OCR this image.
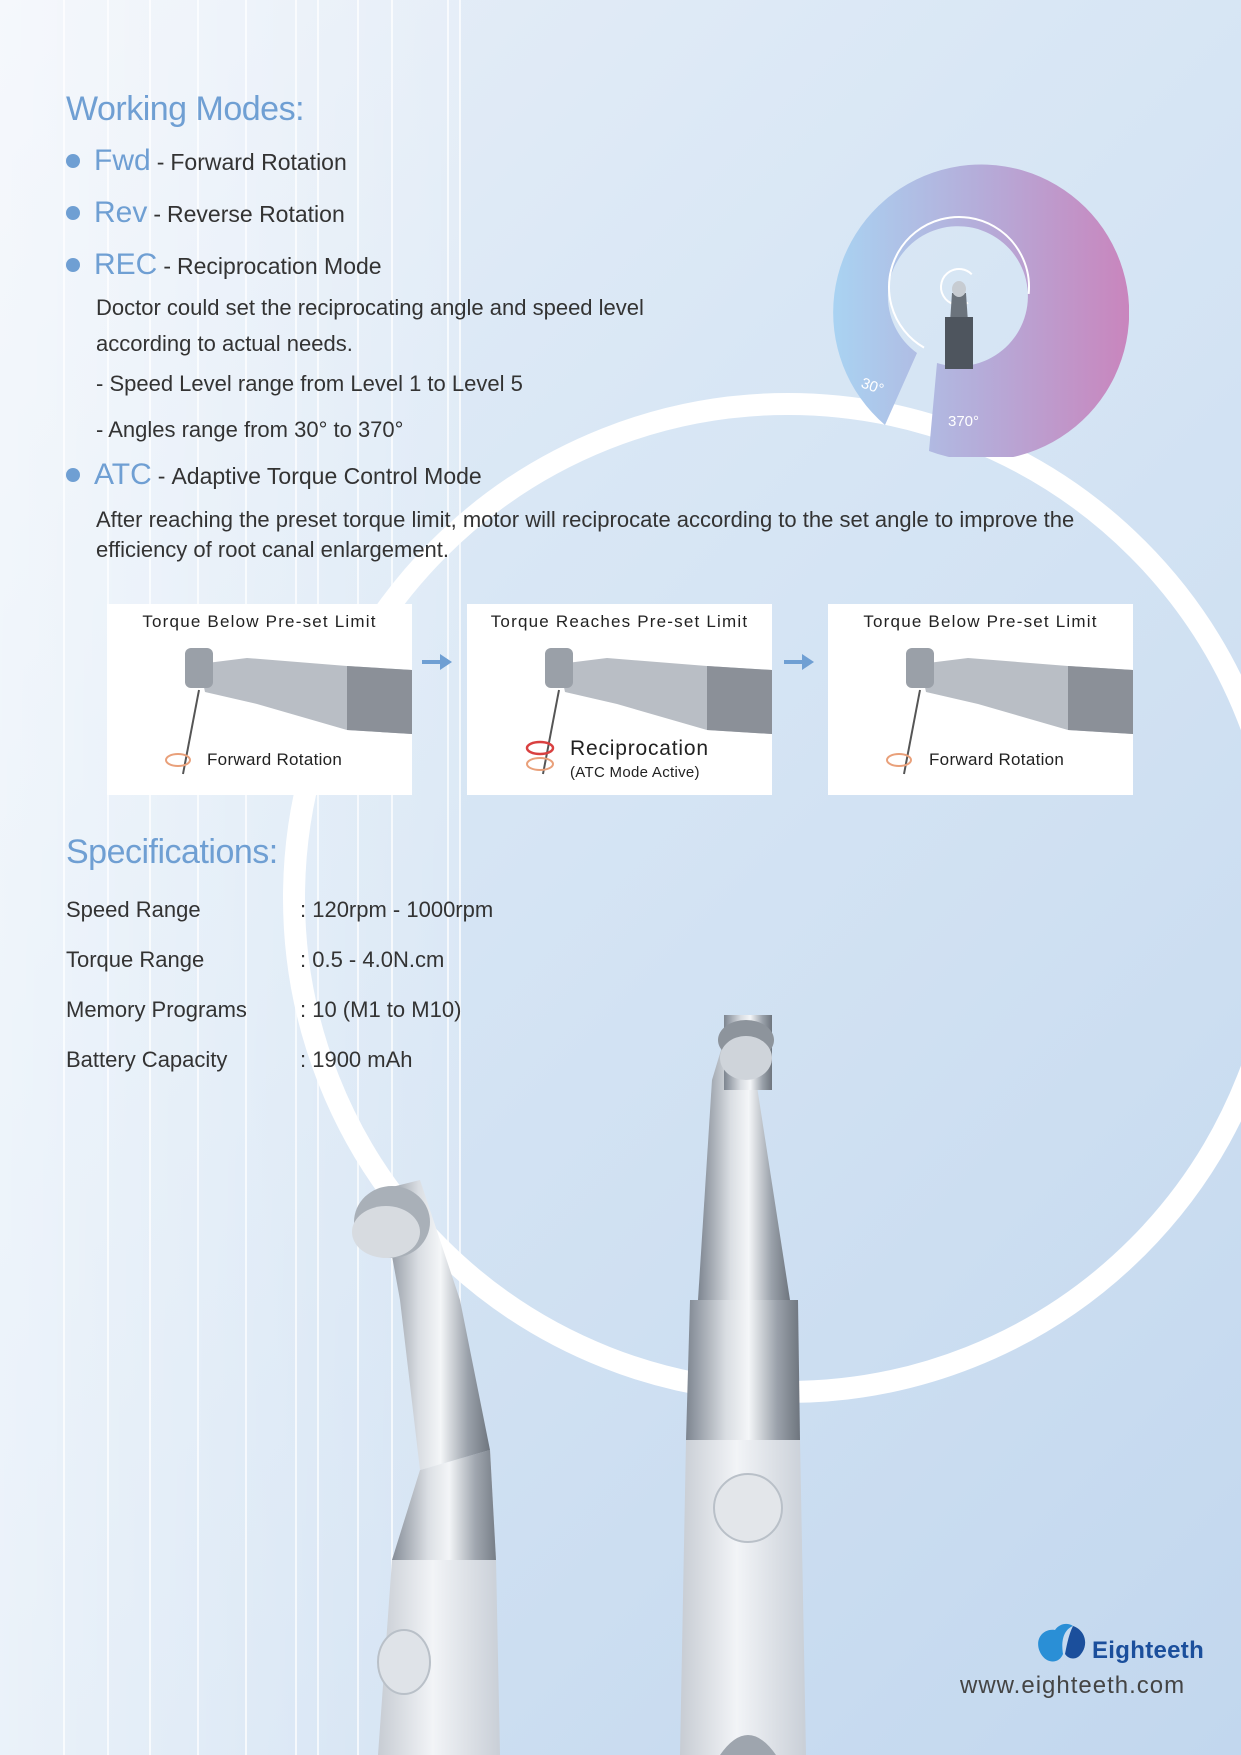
30°
370°
Working Modes:
Fwd - Forward Rotation
Rev - Reverse Rotation
REC - Reciprocation Mode
Doctor could set the reciprocating angle and speed level
according to actual needs.
- Speed Level range from Level 1 to Level 5
- Angles range from 30° to 370°
ATC - Adaptive Torque Control Mode
After reaching the preset torque limit, motor will reciprocate according to the set angle to improve the
efficiency of root canal enlargement.
Torque Below Pre-set Limit
Forward Rotation
Torque Reaches Pre-set Limit
Reciprocation
(ATC Mode Active)
Torque Below Pre-set Limit
Forward Rotation
Specifications:
Speed Range	: 120rpm - 1000rpm
Torque Range	: 0.5 - 4.0N.cm
Memory Programs : 10 (M1 to M10)
Battery Capacity	: 1900 mAh
Eighteeth
www.eighteeth.com
